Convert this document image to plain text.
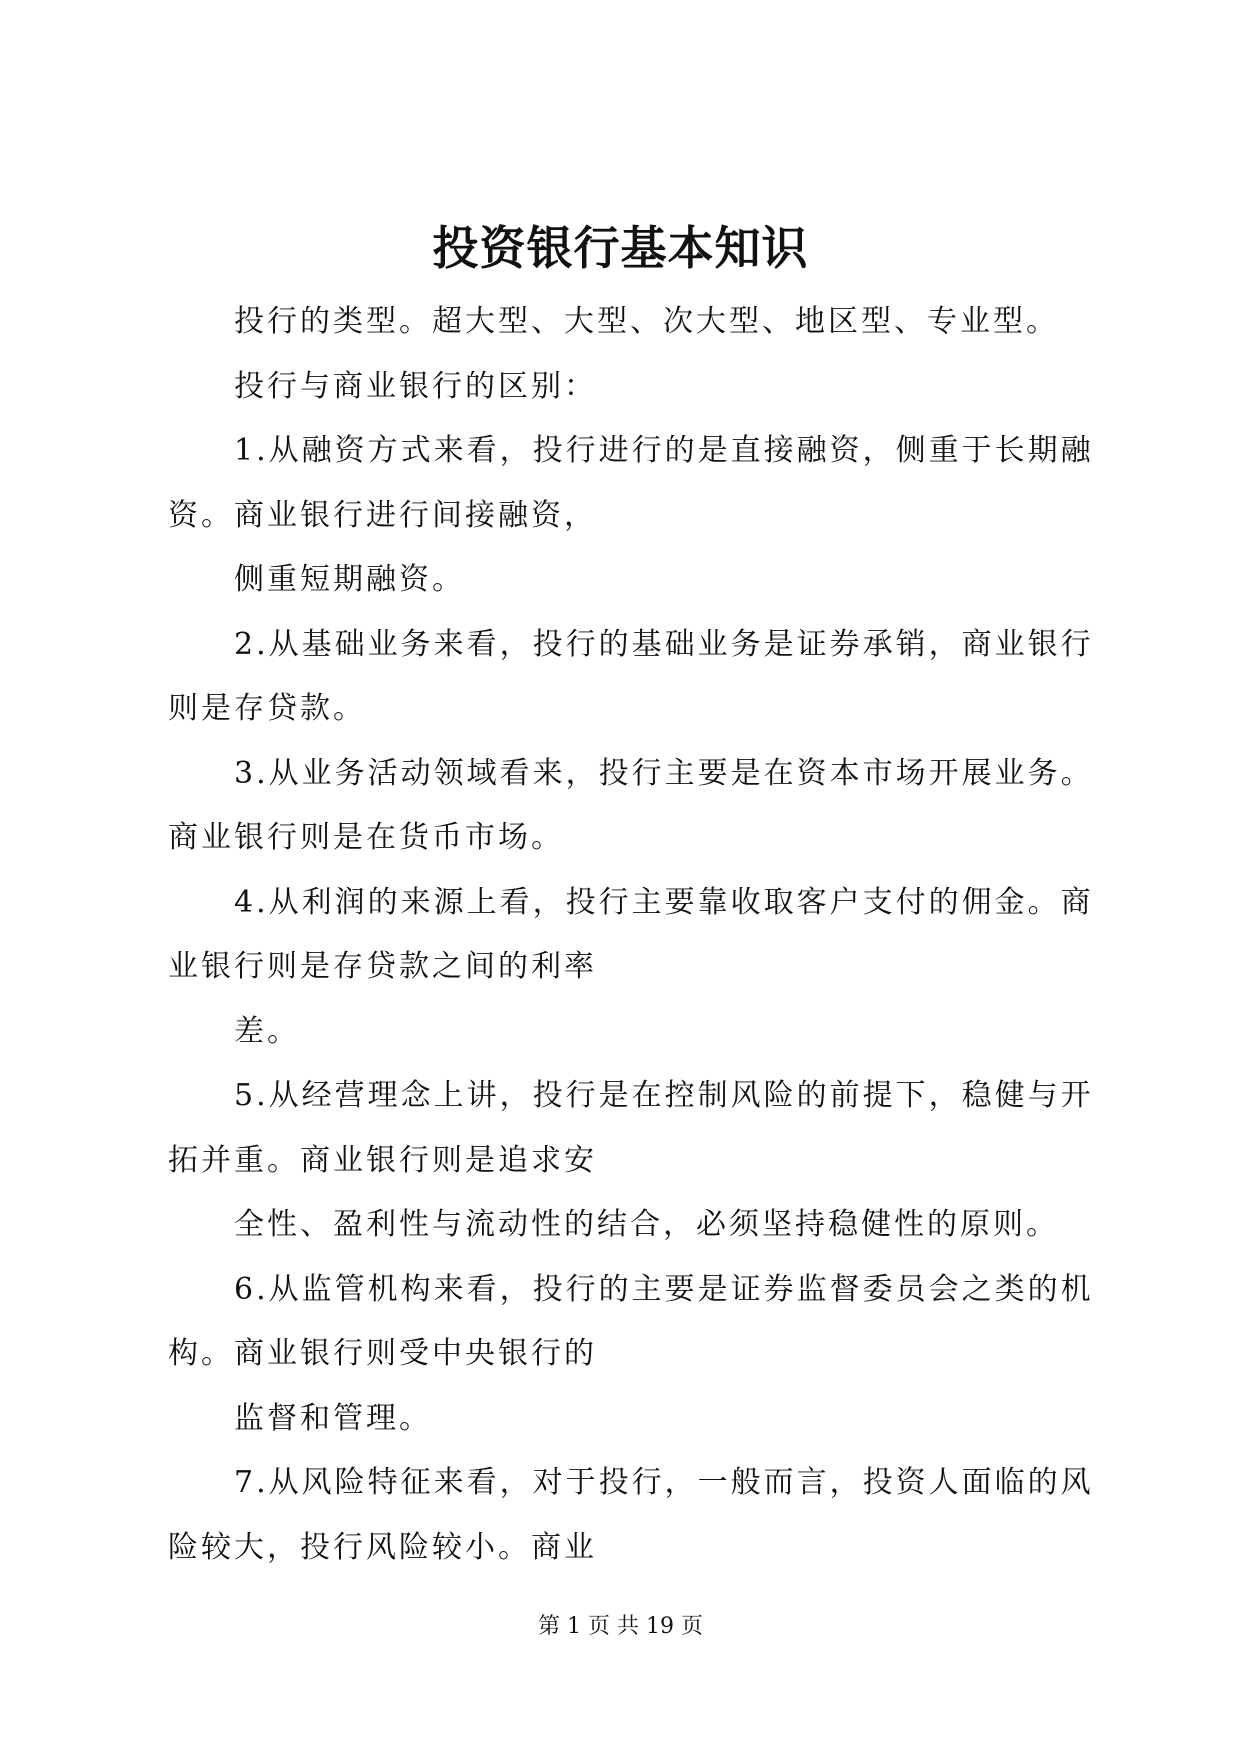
投资银行基本知识
投行的类型。超大型、大型、次大型、地区型、专业型。
投行与商业银行的区别：
1.从融资方式来看，投行进行的是直接融资，侧重于长期融
资。商业银行进行间接融资，
侧重短期融资。
2.从基础业务来看，投行的基础业务是证券承销，商业银行
则是存贷款。
3.从业务活动领域看来，投行主要是在资本市场开展业务。
商业银行则是在货币市场。
4.从利润的来源上看，投行主要靠收取客户支付的佣金。商
业银行则是存贷款之间的利率
差。
5.从经营理念上讲，投行是在控制风险的前提下，稳健与开
拓并重。商业银行则是追求安
全性、盈利性与流动性的结合，必须坚持稳健性的原则。
6.从监管机构来看，投行的主要是证券监督委员会之类的机
构。商业银行则受中央银行的
监督和管理。
7.从风险特征来看，对于投行，一般而言，投资人面临的风
险较大，投行风险较小。商业
第 1 页 共 19 页
